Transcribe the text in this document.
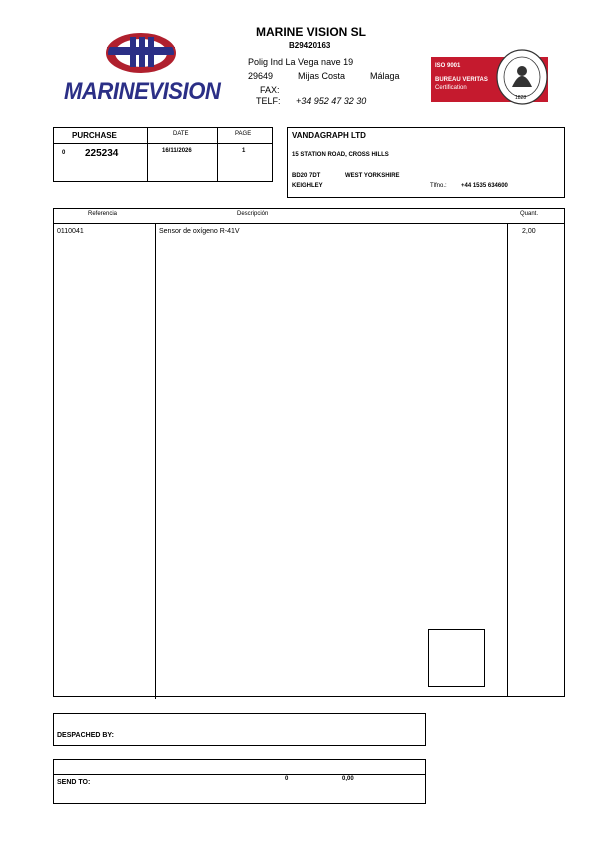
MARINEVISION
MARINE VISION SL
B29420163
Polig Ind La Vega nave 19
29649	Mijas Costa	Málaga
FAX:
TELF: +34 952 47 32 30
ISO 9001
BUREAU VERITAS
Certification
1828
PURCHASE	DATE	PAGE
0 225234	16/11/2026	1
VANDAGRAPH LTD
15 STATION ROAD, CROSS HILLS
BD20 7DT	WEST YORKSHIRE
KEIGHLEY	Tlfno.: +44 1535 634600
Referencia	Descripción	Quant.
0110041	Sensor de oxígeno R-41V	2,00
DESPACHED BY:
SEND TO:	0	0,00
